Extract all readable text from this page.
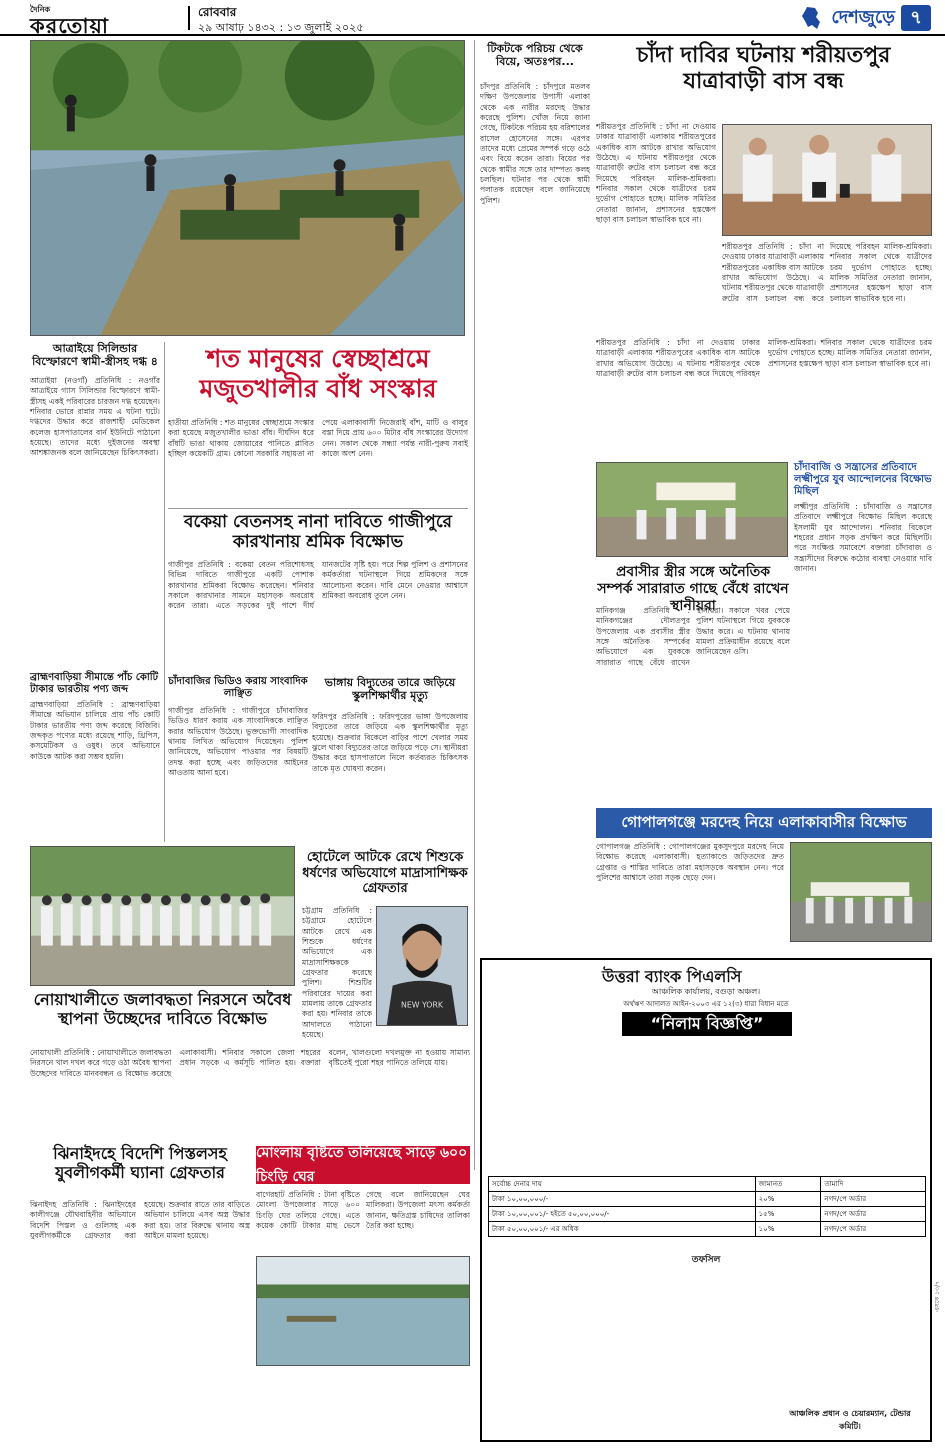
দৈনিক
করতোয়া
রোববার
২৯ আষাঢ় ১৪৩২ : ১৩ জুলাই ২০২৫	দেশজুড়ে ৭
আত্রাইয়ে সিলিন্ডার বিস্ফোরণে স্বামী-স্ত্রীসহ দগ্ধ ৪
আত্রাইয়া (নওগাঁ) প্রতিনিধি : নওগাঁর আত্রাইয়ে গ্যাস সিলিন্ডার বিস্ফোরণে স্বামী-স্ত্রীসহ একই পরিবারের চারজন দগ্ধ হয়েছেন। শনিবার ভোরে রান্নার সময় এ ঘটনা ঘটে। দগ্ধদের উদ্ধার করে রাজশাহী মেডিকেল কলেজ হাসপাতালের বার্ন ইউনিটে পাঠানো হয়েছে। তাদের মধ্যে দুইজনের অবস্থা আশঙ্কাজনক বলে জানিয়েছেন চিকিৎসকরা।
শত মানুষের স্বেচ্ছাশ্রমে মজুতখালীর বাঁধ সংস্কার
হাতীয়া প্রতিনিধি : শত মানুষের স্বেচ্ছাশ্রমে সংস্কার করা হয়েছে মজুতখালীর ভাঙা বাঁধ। দীর্ঘদিন ধরে বাঁধটি ভাঙা থাকায় জোয়ারের পানিতে প্লাবিত হচ্ছিল কয়েকটি গ্রাম। কোনো সরকারি সহায়তা না পেয়ে এলাকাবাসী নিজেরাই বাঁশ, মাটি ও বালুর বস্তা দিয়ে প্রায় ৬০০ মিটার বাঁধ সংস্কারের উদ্যোগ নেন। সকাল থেকে সন্ধ্যা পর্যন্ত নারী-পুরুষ সবাই কাজে অংশ নেন।
বকেয়া বেতনসহ নানা দাবিতে গাজীপুরে কারখানায় শ্রমিক বিক্ষোভ
গাজীপুর প্রতিনিধি : বকেয়া বেতন পরিশোধসহ বিভিন্ন দাবিতে গাজীপুরে একটি পোশাক কারখানার শ্রমিকরা বিক্ষোভ করেছেন। শনিবার সকালে কারখানার সামনে মহাসড়ক অবরোধ করেন তারা। এতে সড়কের দুই পাশে দীর্ঘ যানজটের সৃষ্টি হয়। পরে শিল্প পুলিশ ও প্রশাসনের কর্মকর্তারা ঘটনাস্থলে গিয়ে শ্রমিকদের সঙ্গে আলোচনা করেন। দাবি মেনে নেওয়ার আশ্বাসে শ্রমিকরা অবরোধ তুলে নেন।
ব্রাহ্মণবাড়িয়া সীমান্তে পাঁচ কোটি টাকার ভারতীয় পণ্য জব্দ
ব্রাহ্মণবাড়িয়া প্রতিনিধি : ব্রাহ্মণবাড়িয়া সীমান্তে অভিযান চালিয়ে প্রায় পাঁচ কোটি টাকার ভারতীয় পণ্য জব্দ করেছে বিজিবি। জব্দকৃত পণ্যের মধ্যে রয়েছে শাড়ি, থ্রিপিস, কসমেটিকস ও ওষুধ। তবে অভিযানে কাউকে আটক করা সম্ভব হয়নি।
চাঁদাবাজির ভিডিও করায় সাংবাদিক লাঞ্ছিত
গাজীপুর প্রতিনিধি : গাজীপুরে চাঁদাবাজির ভিডিও ধারণ করায় এক সাংবাদিককে লাঞ্ছিত করার অভিযোগ উঠেছে। ভুক্তভোগী সাংবাদিক থানায় লিখিত অভিযোগ দিয়েছেন। পুলিশ জানিয়েছে, অভিযোগ পাওয়ার পর বিষয়টি তদন্ত করা হচ্ছে এবং জড়িতদের আইনের আওতায় আনা হবে।
ভাঙ্গায় বিদ্যুতের তারে জড়িয়ে স্কুলশিক্ষার্থীর মৃত্যু
ফরিদপুর প্রতিনিধি : ফরিদপুরের ভাঙ্গা উপজেলায় বিদ্যুতের তারে জড়িয়ে এক স্কুলশিক্ষার্থীর মৃত্যু হয়েছে। শুক্রবার বিকেলে বাড়ির পাশে খেলার সময় ঝুলে থাকা বিদ্যুতের তারে জড়িয়ে পড়ে সে। স্থানীয়রা উদ্ধার করে হাসপাতালে নিলে কর্তব্যরত চিকিৎসক তাকে মৃত ঘোষণা করেন।
হোটেলে আটকে রেখে শিশুকে ধর্ষণের অভিযোগে মাদ্রাসাশিক্ষক গ্রেফতার
চট্টগ্রাম প্রতিনিধি : চট্টগ্রামে হোটেলে আটকে রেখে এক শিশুকে ধর্ষণের অভিযোগে এক মাদ্রাসাশিক্ষককে গ্রেফতার করেছে পুলিশ। শিশুটির পরিবারের দায়ের করা মামলায় তাকে গ্রেফতার করা হয়। শনিবার তাকে আদালতে পাঠানো হয়েছে।
NEW YORK
নোয়াখালীতে জলাবদ্ধতা নিরসনে অবৈধ স্থাপনা উচ্ছেদের দাবিতে বিক্ষোভ
নোয়াখালী প্রতিনিধি : নোয়াখালীতে জলাবদ্ধতা নিরসনে খাল দখল করে গড়ে ওঠা অবৈধ স্থাপনা উচ্ছেদের দাবিতে মানববন্ধন ও বিক্ষোভ করেছে এলাকাবাসী। শনিবার সকালে জেলা শহরের প্রধান সড়কে এ কর্মসূচি পালিত হয়। বক্তারা বলেন, খালগুলো দখলমুক্ত না হওয়ায় সামান্য বৃষ্টিতেই পুরো শহর পানিতে তলিয়ে যায়।
ঝিনাইদহে বিদেশি পিস্তলসহ যুবলীগকর্মী ঘ্যানা গ্রেফতার
ঝিনাইদহ প্রতিনিধি : ঝিনাইদহের কালীগঞ্জে যৌথবাহিনীর অভিযানে বিদেশি পিস্তল ও গুলিসহ এক যুবলীগকর্মীকে গ্রেফতার করা হয়েছে। শুক্রবার রাতে তার বাড়িতে অভিযান চালিয়ে এসব অস্ত্র উদ্ধার করা হয়। তার বিরুদ্ধে থানায় অস্ত্র আইনে মামলা হয়েছে।
মোংলায় বৃষ্টিতে তলিয়েছে সাড়ে ৬০০ চিংড়ি ঘের
বাগেরহাট প্রতিনিধি : টানা বৃষ্টিতে মোংলা উপজেলার সাড়ে ৬০০ চিংড়ি ঘের তলিয়ে গেছে। এতে কয়েক কোটি টাকার মাছ ভেসে গেছে বলে জানিয়েছেন ঘের মালিকরা। উপজেলা মৎস্য কর্মকর্তা জানান, ক্ষতিগ্রস্ত চাষিদের তালিকা তৈরি করা হচ্ছে।
টিকটকে পরিচয় থেকে বিয়ে, অতঃপর...
চাঁদপুর প্রতিনিধি : চাঁদপুরে মতলব দক্ষিণ উপজেলায় উপাসী এলাকা থেকে এক নারীর মরদেহ উদ্ধার করেছে পুলিশ। খোঁজ নিয়ে জানা গেছে, টিকটকে পরিচয় হয় বরিশালের রাসেল হোসেনের সঙ্গে। এরপর তাদের মধ্যে প্রেমের সম্পর্ক গড়ে ওঠে এবং বিয়ে করেন তারা। বিয়ের পর থেকে স্বামীর সঙ্গে তার দাম্পত্য কলহ চলছিল। ঘটনার পর থেকে স্বামী পলাতক রয়েছেন বলে জানিয়েছে পুলিশ।
চাঁদা দাবির ঘটনায় শরীয়তপুর যাত্রাবাড়ী বাস বন্ধ
শরীয়তপুর প্রতিনিধি : চাঁদা না দেওয়ায় ঢাকার যাত্রাবাড়ী এলাকায় শরীয়তপুরের একাধিক বাস আটকে রাখার অভিযোগ উঠেছে। এ ঘটনায় শরীয়তপুর থেকে যাত্রাবাড়ী রুটের বাস চলাচল বন্ধ করে দিয়েছে পরিবহন মালিক-শ্রমিকরা। শনিবার সকাল থেকে যাত্রীদের চরম দুর্ভোগ পোহাতে হচ্ছে। মালিক সমিতির নেতারা জানান, প্রশাসনের হস্তক্ষেপ ছাড়া বাস চলাচল স্বাভাবিক হবে না।
শরীয়তপুর প্রতিনিধি : চাঁদা না দেওয়ায় ঢাকার যাত্রাবাড়ী এলাকায় শরীয়তপুরের একাধিক বাস আটকে রাখার অভিযোগ উঠেছে। এ ঘটনায় শরীয়তপুর থেকে যাত্রাবাড়ী রুটের বাস চলাচল বন্ধ করে দিয়েছে পরিবহন মালিক-শ্রমিকরা। শনিবার সকাল থেকে যাত্রীদের চরম দুর্ভোগ পোহাতে হচ্ছে। মালিক সমিতির নেতারা জানান, প্রশাসনের হস্তক্ষেপ ছাড়া বাস চলাচল স্বাভাবিক হবে না।
শরীয়তপুর প্রতিনিধি : চাঁদা না দেওয়ায় ঢাকার যাত্রাবাড়ী এলাকায় শরীয়তপুরের একাধিক বাস আটকে রাখার অভিযোগ উঠেছে। এ ঘটনায় শরীয়তপুর থেকে যাত্রাবাড়ী রুটের বাস চলাচল বন্ধ করে দিয়েছে পরিবহন মালিক-শ্রমিকরা। শনিবার সকাল থেকে যাত্রীদের চরম দুর্ভোগ পোহাতে হচ্ছে। মালিক সমিতির নেতারা জানান, প্রশাসনের হস্তক্ষেপ ছাড়া বাস চলাচল স্বাভাবিক হবে না।
চাঁদাবাজি ও সন্ত্রাসের প্রতিবাদে লক্ষ্মীপুরে যুব আন্দোলনের বিক্ষোভ মিছিল
লক্ষ্মীপুর প্রতিনিধি : চাঁদাবাজি ও সন্ত্রাসের প্রতিবাদে লক্ষ্মীপুরে বিক্ষোভ মিছিল করেছে ইসলামী যুব আন্দোলন। শনিবার বিকেলে শহরের প্রধান সড়ক প্রদক্ষিণ করে মিছিলটি। পরে সংক্ষিপ্ত সমাবেশে বক্তারা চাঁদাবাজ ও সন্ত্রাসীদের বিরুদ্ধে কঠোর ব্যবস্থা নেওয়ার দাবি জানান।
প্রবাসীর স্ত্রীর সঙ্গে অনৈতিক সম্পর্ক সারারাত গাছে বেঁধে রাখেন স্থানীয়রা
মানিকগঞ্জ প্রতিনিধি : মানিকগঞ্জের দৌলতপুর উপজেলায় এক প্রবাসীর স্ত্রীর সঙ্গে অনৈতিক সম্পর্কের অভিযোগে এক যুবককে সারারাত গাছে বেঁধে রাখেন স্থানীয়রা। সকালে খবর পেয়ে পুলিশ ঘটনাস্থলে গিয়ে যুবককে উদ্ধার করে। এ ঘটনায় থানায় মামলা প্রক্রিয়াধীন রয়েছে বলে জানিয়েছেন ওসি।
গোপালগঞ্জে মরদেহ নিয়ে এলাকাবাসীর বিক্ষোভ
গোপালগঞ্জ প্রতিনিধি : গোপালগঞ্জের মুকসুদপুরে মরদেহ নিয়ে বিক্ষোভ করেছে এলাকাবাসী। হত্যাকাণ্ডে জড়িতদের দ্রুত গ্রেপ্তার ও শাস্তির দাবিতে তারা মহাসড়কে অবস্থান নেন। পরে পুলিশের আশ্বাসে তারা সড়ক ছেড়ে দেন।
উত্তরা ব্যাংক পিএলসি
আঞ্চলিক কার্যালয়, বগুড়া অঞ্চল।
অর্থঋণ আদালত আইন-২০০৩ এর ১২(৩) ধারা বিধান মতে
“নিলাম বিজ্ঞপ্তি”
সর্বোচ্চ দেনার দায়	জামানত	তামাদি
টাকা ১০,০০,০০০/-	২০%	নগদ/পে অর্ডার
টাকা ১০,০০,০০১/- হইতে ৫০,০০,০০০/-	১৫%	নগদ/পে অর্ডার
টাকা ৫০,০০,০০১/- এর অধিক	১০%	নগদ/পে অর্ডার
তফসিল
আঞ্চলিক প্রধান ও চেয়ারম্যান, টেন্ডার কমিটি।
এসকে ১৩/৭
